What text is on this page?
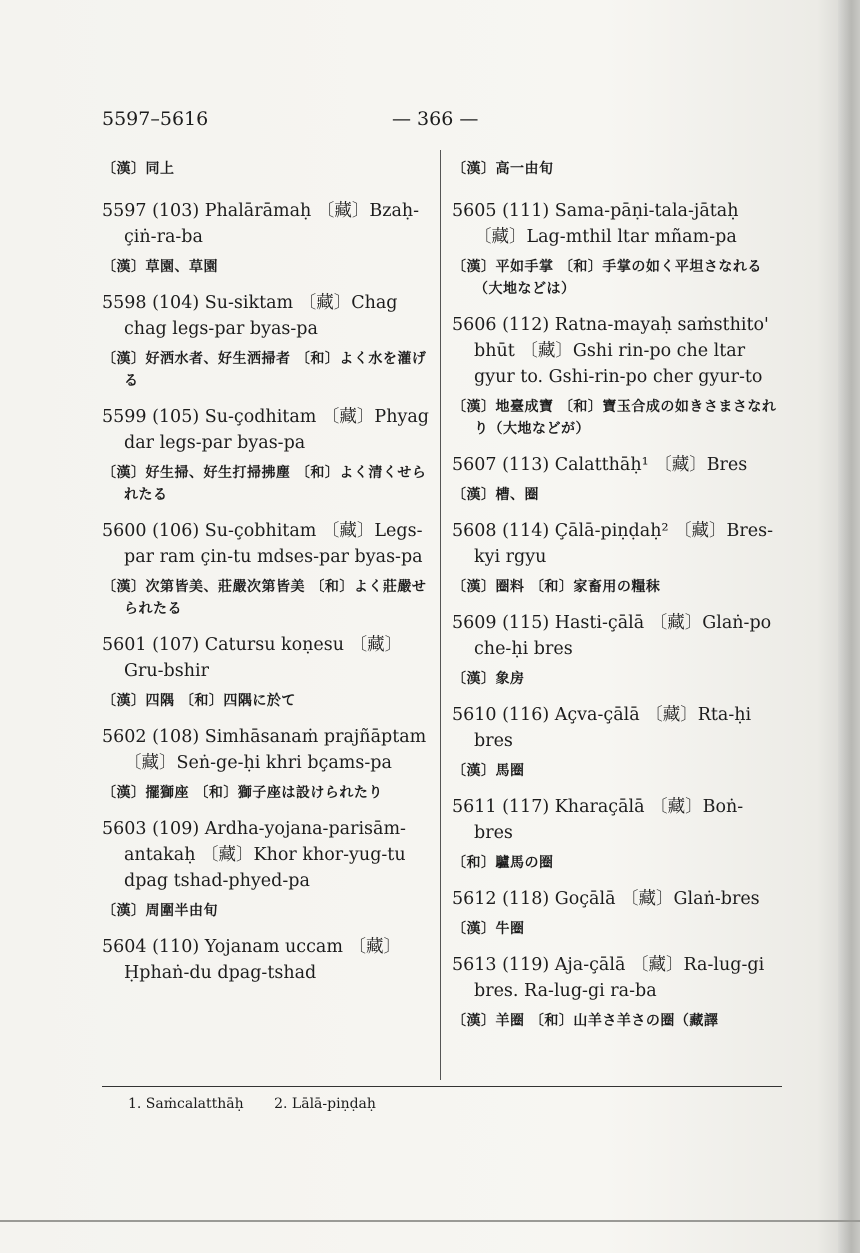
5597–5616	— 366 —
〔漢〕同上
5597 (103) Phalārāmaḥ 〔藏〕Bzaḥ-çiṅ-ra-ba
〔漢〕草園、草園
5598 (104) Su-siktam 〔藏〕Chag chag legs-par byas-pa
〔漢〕好洒水者、好生洒掃者 〔和〕よく水を灌げる
5599 (105) Su-çodhitam 〔藏〕Phyag dar legs-par byas-pa
〔漢〕好生掃、好生打掃拂塵 〔和〕よく清くせられたる
5600 (106) Su-çobhitam 〔藏〕Legs-par ram çin-tu mdses-par byas-pa
〔漢〕次第皆美、莊嚴次第皆美 〔和〕よく莊嚴せられたる
5601 (107) Catursu koṇesu 〔藏〕Gru-bshir
〔漢〕四隅 〔和〕四隅に於て
5602 (108) Simhāsanaṁ prajñāptam 〔藏〕Seṅ-ge-ḥi khri bçams-pa
〔漢〕擺獅座 〔和〕獅子座は設けられたり
5603 (109) Ardha-yojana-parisām-antakaḥ 〔藏〕Khor khor-yug-tu dpag tshad-phyed-pa
〔漢〕周圍半由旬
5604 (110) Yojanam uccam 〔藏〕Ḥphaṅ-du dpag-tshad
〔漢〕高一由旬
5605 (111) Sama-pāṇi-tala-jātaḥ 〔藏〕Lag-mthil ltar mñam-pa
〔漢〕平如手掌 〔和〕手掌の如く平坦さなれる（大地などは）
5606 (112) Ratna-mayaḥ saṁsthito' bhūt 〔藏〕Gshi rin-po che ltar gyur to. Gshi-rin-po cher gyur-to
〔漢〕地臺成寶 〔和〕寶玉合成の如きさまさなれり（大地などが）
5607 (113) Calatthāḥ¹ 〔藏〕Bres
〔漢〕槽、圈
5608 (114) Çālā-piṇḍaḥ² 〔藏〕Bres-kyi rgyu
〔漢〕圈料 〔和〕家畜用の糧秣
5609 (115) Hasti-çālā 〔藏〕Glaṅ-po che-ḥi bres
〔漢〕象房
5610 (116) Açva-çālā 〔藏〕Rta-ḥi bres
〔漢〕馬圈
5611 (117) Kharaçālā 〔藏〕Boṅ-bres
〔和〕驢馬の圈
5612 (118) Goçālā 〔藏〕Glaṅ-bres
〔漢〕牛圈
5613 (119) Aja-çālā 〔藏〕Ra-lug-gi bres. Ra-lug-gi ra-ba
〔漢〕羊圈 〔和〕山羊さ羊さの圈（藏譯
1. Saṁcalatthāḥ 2. Lālā-piṇḍaḥ
